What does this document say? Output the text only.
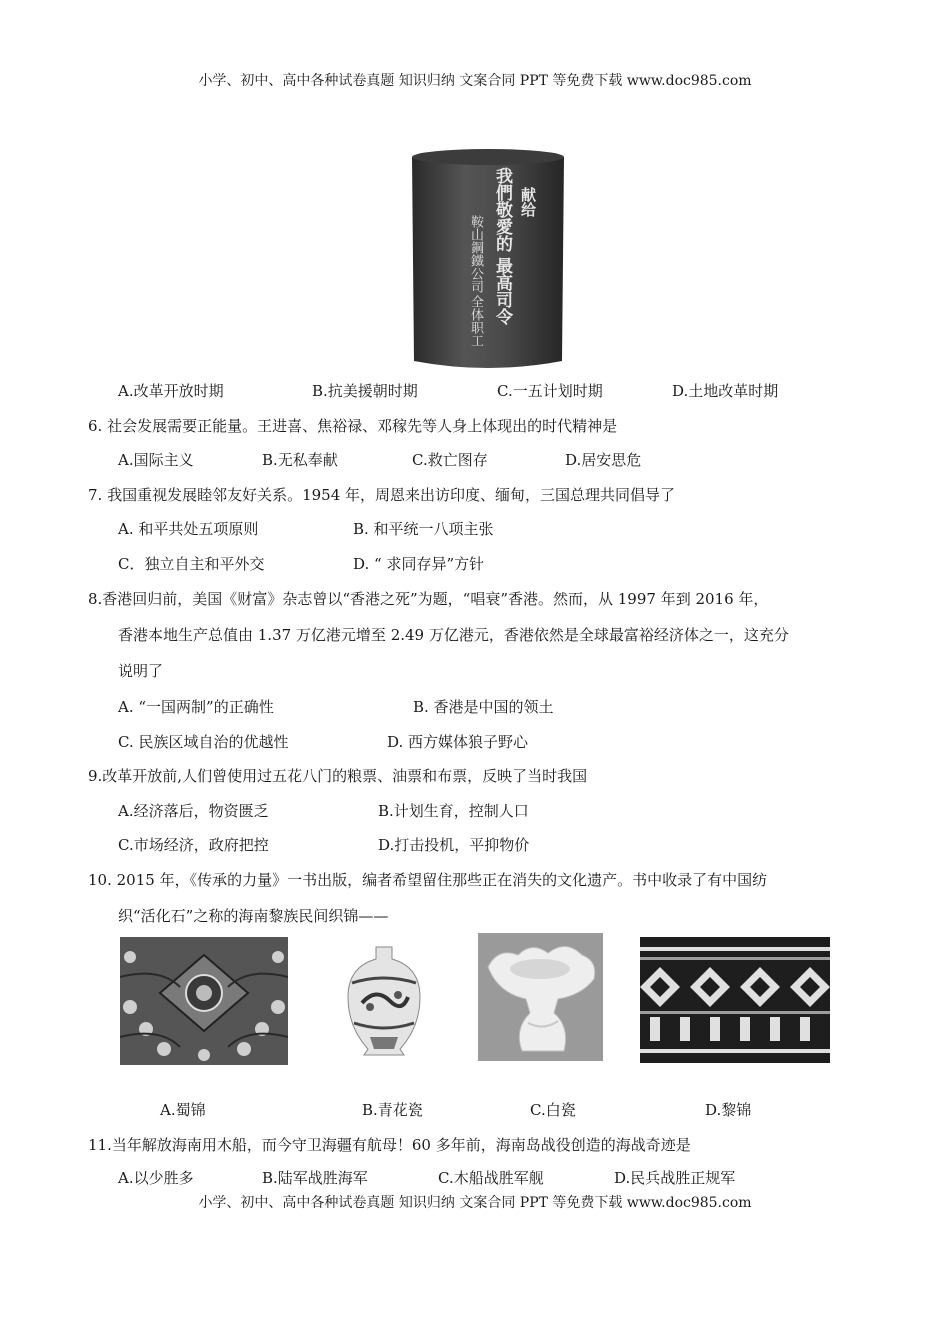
小学、初中、高中各种试卷真题 知识归纳 文案合同 PPT 等免费下载 www.doc985.com
献给
我們敬愛的
最高司令
鞍山鋼鐵公司
全体职工
A.改革开放时期	B.抗美援朝时期	C.一五计划时期	D.土地改革时期
6. 社会发展需要正能量。王进喜、焦裕禄、邓稼先等人身上体现出的时代精神是
A.国际主义	B.无私奉献	C.救亡图存	D.居安思危
7. 我国重视发展睦邻友好关系。1954 年，周恩来出访印度、缅甸，三国总理共同倡导了
A. 和平共处五项原则	B. 和平统一八项主张
C．独立自主和平外交	D. “ 求同存异”方针
8.香港回归前，美国《财富》杂志曾以“香港之死”为题，“唱衰”香港。然而，从 1997 年到 2016 年，
香港本地生产总值由 1.37 万亿港元增至 2.49 万亿港元，香港依然是全球最富裕经济体之一，这充分
说明了
A. “一国两制”的正确性	B. 香港是中国的领土
C. 民族区域自治的优越性	D. 西方媒体狼子野心
9.改革开放前,人们曾使用过五花八门的粮票、油票和布票，反映了当时我国
A.经济落后，物资匮乏	B.计划生育，控制人口
C.市场经济，政府把控	D.打击投机，平抑物价
10. 2015 年，《传承的力量》一书出版，编者希望留住那些正在消失的文化遗产。书中收录了有中国纺
织“活化石”之称的海南黎族民间织锦——
A.蜀锦	B.青花瓷	C.白瓷	D.黎锦
11.当年解放海南用木船，而今守卫海疆有航母！60 多年前，海南岛战役创造的海战奇迹是
A.以少胜多	B.陆军战胜海军	C.木船战胜军舰	D.民兵战胜正规军
小学、初中、高中各种试卷真题 知识归纳 文案合同 PPT 等免费下载 www.doc985.com
